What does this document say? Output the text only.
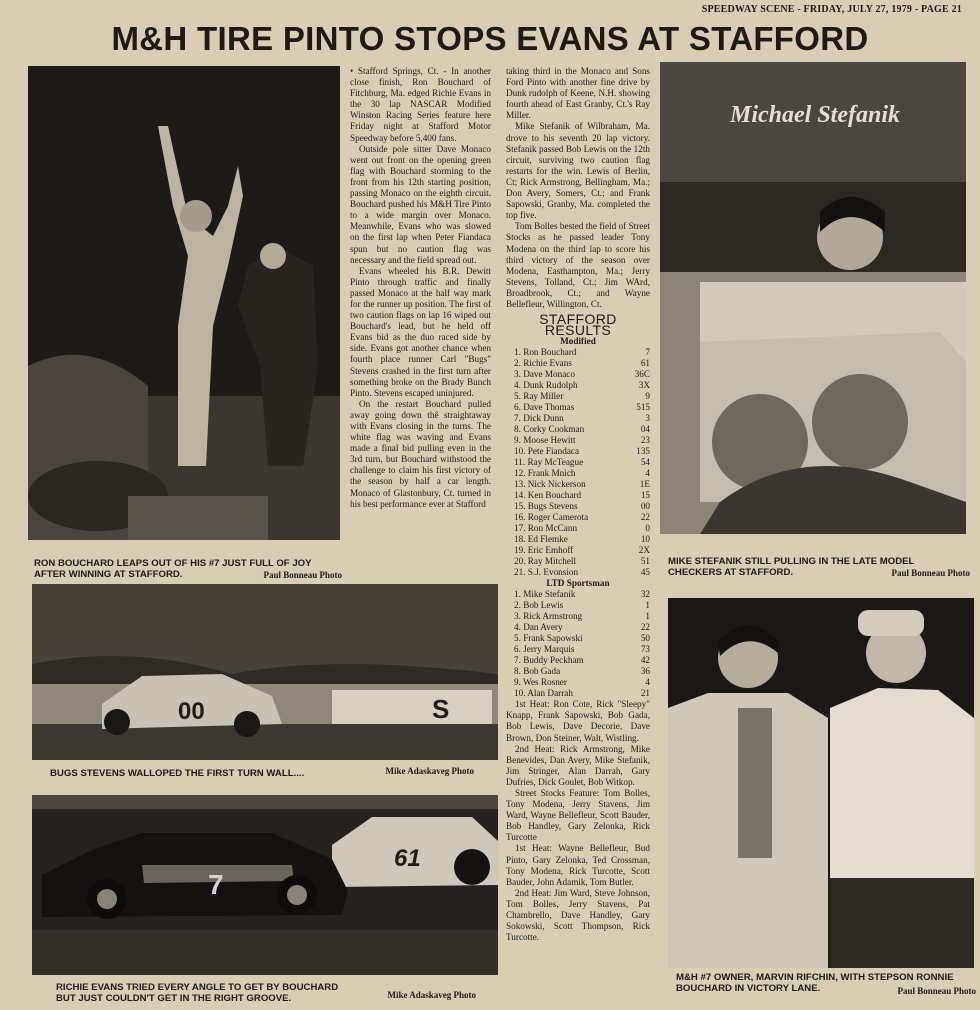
SPEEDWAY SCENE - FRIDAY, JULY 27, 1979 - PAGE 21
M&H TIRE PINTO STOPS EVANS AT STAFFORD
RON BOUCHARD LEAPS OUT OF HIS #7 JUST FULL OF JOY AFTER WINNING AT STAFFORD.	Paul Bonneau Photo

• Stafford Springs, Ct. - In another close finish, Ron Bouchard of Fitchburg, Ma. edged Richie Evans in the 30 lap NASCAR Modified Winston Racing Series feature here Friday night at Stafford Motor Speedway before 5,400 fans.

Outside pole sitter Dave Monaco went out front on the opening green flag with Bouchard storming to the front from his 12th starting position, passing Monaco on the eighth circuit. Bouchard pushed his M&H Tire Pinto to a wide margin over Monaco. Meanwhile, Evans who was slowed on the first lap when Peter Fiandaca spun but no caution flag was necessary and the field spread out.

Evans wheeled his B.R. Dewitt Pinto through traffic and finally passed Monaco at the half way mark for the runner up position. The first of two caution flags on lap 16 wiped out Bouchard's lead, but he held off Evans bid as the duo raced side by side. Evans got another chance when fourth place runner Carl "Bugs" Stevens crashed in the first turn after something broke on the Brady Bunch Pinto. Stevens escaped uninjured.

On the restart Bouchard pulled away going down thê straightaway with Evans closing in the turns. The white flag was waving and Evans made a final bid pulling even in the 3rd turn, but Bouchard withstood the challenge to claim his first victory of the season by half a car length. Monaco of Glastonbury, Ct. turned in his best performance ever at Stafford

taking third in the Monaco and Sons Ford Pinto with another fine drive by Dunk rudolph of Keene, N.H. showing fourth ahead of East Granby, Ct.'s Ray Miller.

Mike Stefanik of Wilbraham, Ma. drove to his seventh 20 lap victory. Stefanik passed Bob Lewis on the 12th circuit, surviving two caution flag restarts for the win. Lewis of Berlin, Ct; Rick Armstrong, Bellingham, Ma.; Don Avery, Somers, Ct.; and Frank Sapowski, Granby, Ma. completed the top five.

Tom Bolles bested the field of Street Stocks as he passed leader Tony Modena on the third lap to score his third victory of the season over Modena, Easthampton, Ma.; Jerry Stevens, Tolland, Ct.; Jim WArd, Broadbrook, Ct.; and Wayne Bellefleur, Willington, Ct.

STAFFORD RESULTS
Modified
1. Ron Bouchard	7
2. Richie Evans	61
3. Dave Monaco	36C
4. Dunk Rudolph	3X
5. Ray Miller	9
6. Dave Thomas	515
7. Dick Dunn	3
8. Corky Cookman	04
9. Moose Hewitt	23
10. Pete Fiandaca	135
11. Ray McTeague	54
12. Frank Mnich	4
13. Nick Nickerson	1E
14. Ken Bouchard	15
15. Bugs Stevens	00
16. Roger Camerota	22
17. Ron McCann	0
18. Ed Flemke	10
19. Eric Emhoff	2X
20. Ray Mitchell	51
21. S.J. Evonsion	45
LTD Sportsman
1. Mike Stefanik	32
2. Bob Lewis	1
3. Rick Armstrong	1
4. Dan Avery	22
5. Frank Sapowski	50
6. Jerry Marquis	73
7. Buddy Peckham	42
8. Bob Gada	36
9. Wes Rosner	4
10. Alan Darrah	21

1st Heat: Ron Cote, Rick "Sleepy" Knapp, Frank Sapowski, Bob Gada, Bob Lewis, Dave Decorie, Dave Brown, Don Steiner, Walt, Wistling.

2nd Heat: Rick Armstrong, Mike Benevides, Dan Avery, Mike Stefanik, Jim Stringer, Alan Darrah, Gary Dufries, Dick Goulet, Bob Witkop.

Street Stocks Feature: Tom Bolles, Tony Modena, Jerry Stavens, Jim Ward, Wayne Bellefleur, Scott Bauder, Bob Handley, Gary Zelonka, Rick Turcotte

1st Heat: Wayne Bellefleur, Bud Pinto, Gary Zelonka, Ted Crossman, Tony Modena, Rick Turcotte, Scott Bauder, John Adamik, Tom Butler.

2nd Heat: Jim Ward, Steve Johnson, Tom Bolles, Jerry Stavens, Pat Chambrello, Dave Handley, Gary Sokowski, Scott Thompson, Rick Turcotte.

00	S
BUGS STEVENS WALLOPED THE FIRST TURN WALL....	Mike Adaskaveg Photo
61
7
RICHIE EVANS TRIED EVERY ANGLE TO GET BY BOUCHARD BUT JUST COULDN'T GET IN THE RIGHT GROOVE.	Mike Adaskaveg Photo
Michael Stefanik
MIKE STEFANIK STILL PULLING IN THE LATE MODEL CHECKERS AT STAFFORD.	Paul Bonneau Photo
M&H #7 OWNER, MARVIN RIFCHIN, WITH STEPSON RONNIE BOUCHARD IN VICTORY LANE.	Paul Bonneau Photo
